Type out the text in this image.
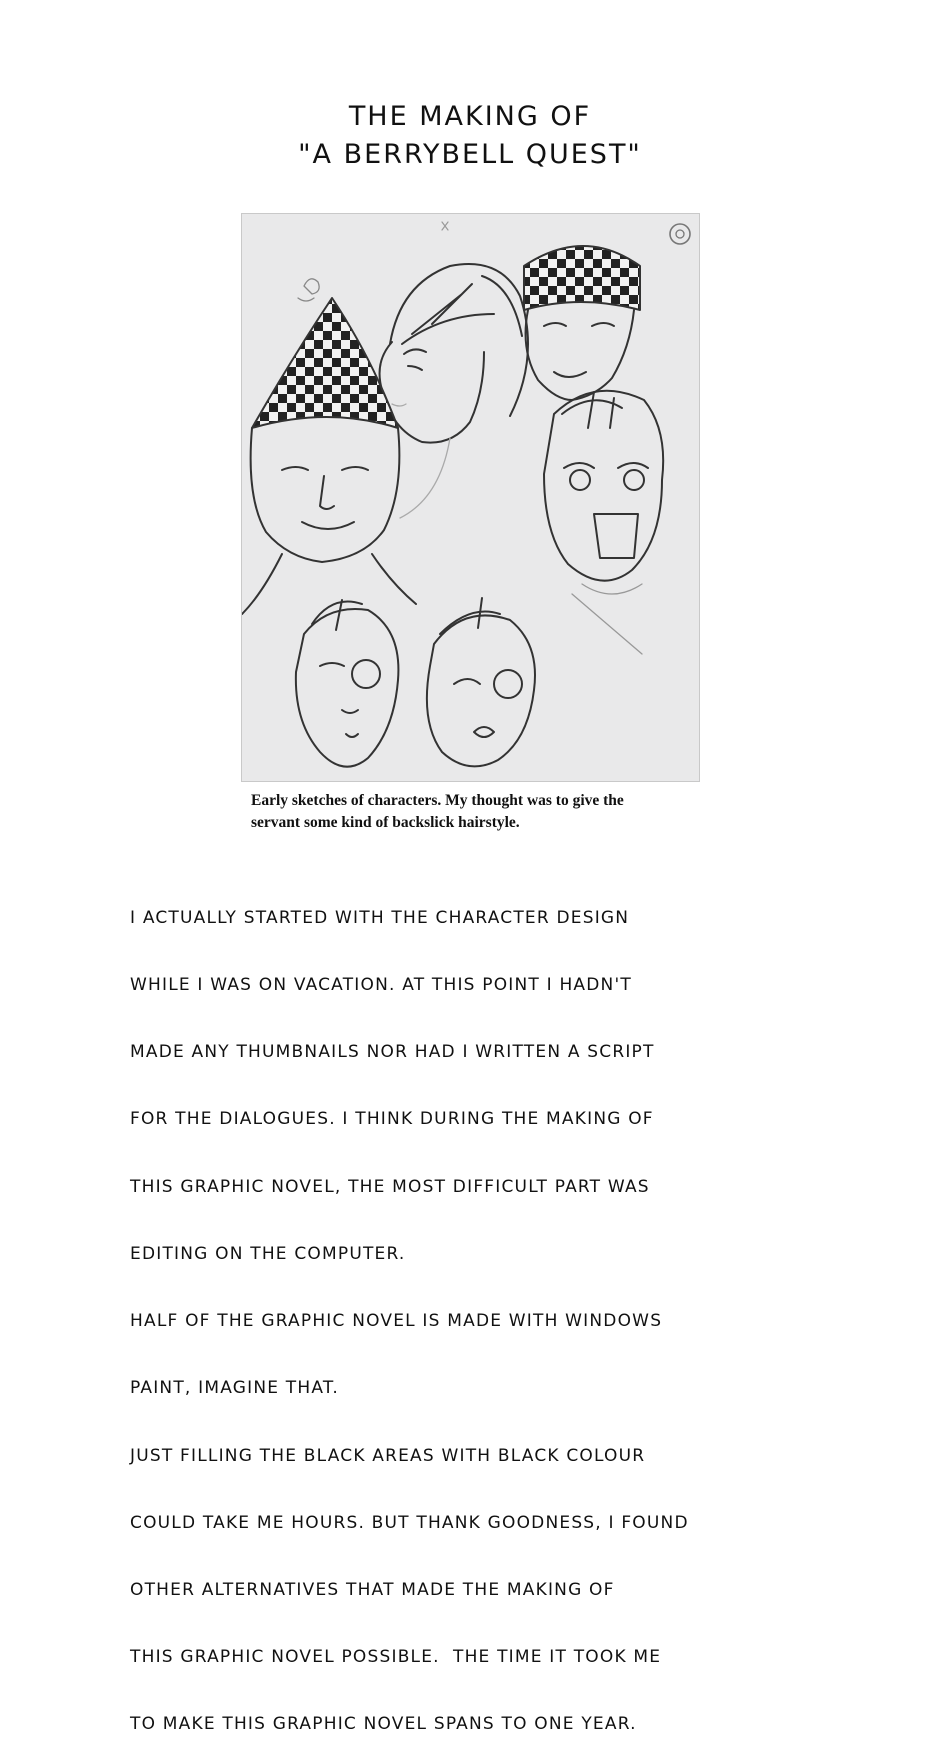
THE MAKING OF
"A BERRYBELL QUEST"
Early sketches of characters. My thought was to give the
servant some kind of backslick hairstyle.

I ACTUALLY STARTED WITH THE CHARACTER DESIGN

WHILE I WAS ON VACATION. AT THIS POINT I HADN'T

MADE ANY THUMBNAILS NOR HAD I WRITTEN A SCRIPT

FOR THE DIALOGUES. I THINK DURING THE MAKING OF

THIS GRAPHIC NOVEL, THE MOST DIFFICULT PART WAS

EDITING ON THE COMPUTER.

HALF OF THE GRAPHIC NOVEL IS MADE WITH WINDOWS

PAINT, IMAGINE THAT.

JUST FILLING THE BLACK AREAS WITH BLACK COLOUR

COULD TAKE ME HOURS. BUT THANK GOODNESS, I FOUND

OTHER ALTERNATIVES THAT MADE THE MAKING OF

THIS GRAPHIC NOVEL POSSIBLE.  THE TIME IT TOOK ME

TO MAKE THIS GRAPHIC NOVEL SPANS TO ONE YEAR.
